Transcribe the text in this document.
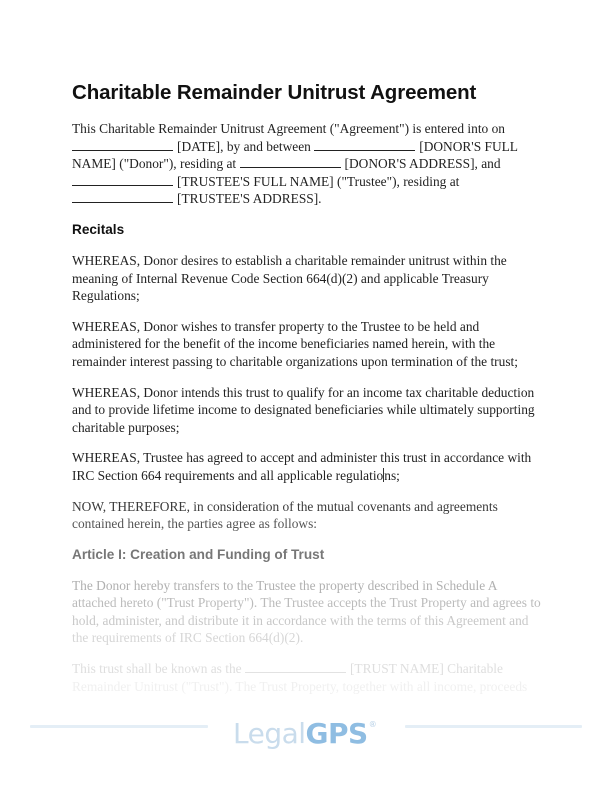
Charitable Remainder Unitrust Agreement

This Charitable Remainder Unitrust Agreement ("Agreement") is entered into on
[DATE], by and between	[DONOR'S FULL
NAME] ("Donor"), residing at	[DONOR'S ADDRESS], and
[TRUSTEE'S FULL NAME] ("Trustee"), residing at
[TRUSTEE'S ADDRESS].

Recitals

WHEREAS, Donor desires to establish a charitable remainder unitrust within the meaning of Internal Revenue Code Section 664(d)(2) and applicable Treasury Regulations;

WHEREAS, Donor wishes to transfer property to the Trustee to be held and administered for the benefit of the income beneficiaries named herein, with the remainder interest passing to charitable organizations upon termination of the trust;

WHEREAS, Donor intends this trust to qualify for an income tax charitable deduction and to provide lifetime income to designated beneficiaries while ultimately supporting charitable purposes;

WHEREAS, Trustee has agreed to accept and administer this trust in accordance with IRC Section 664 requirements and all applicable regulations;

NOW, THEREFORE, in consideration of the mutual covenants and agreements
contained herein, the parties agree as follows:

Article I: Creation and Funding of Trust

The Donor hereby transfers to the Trustee the property described in Schedule A
attached hereto ("Trust Property"). The Trustee accepts the Trust Property and agrees to
hold, administer, and distribute it in accordance with the terms of this Agreement and
the requirements of IRC Section 664(d)(2).

This trust shall be known as the	[TRUST NAME] Charitable
Remainder Unitrust ("Trust"). The Trust Property, together with all income, proceeds

LegalGPS®
